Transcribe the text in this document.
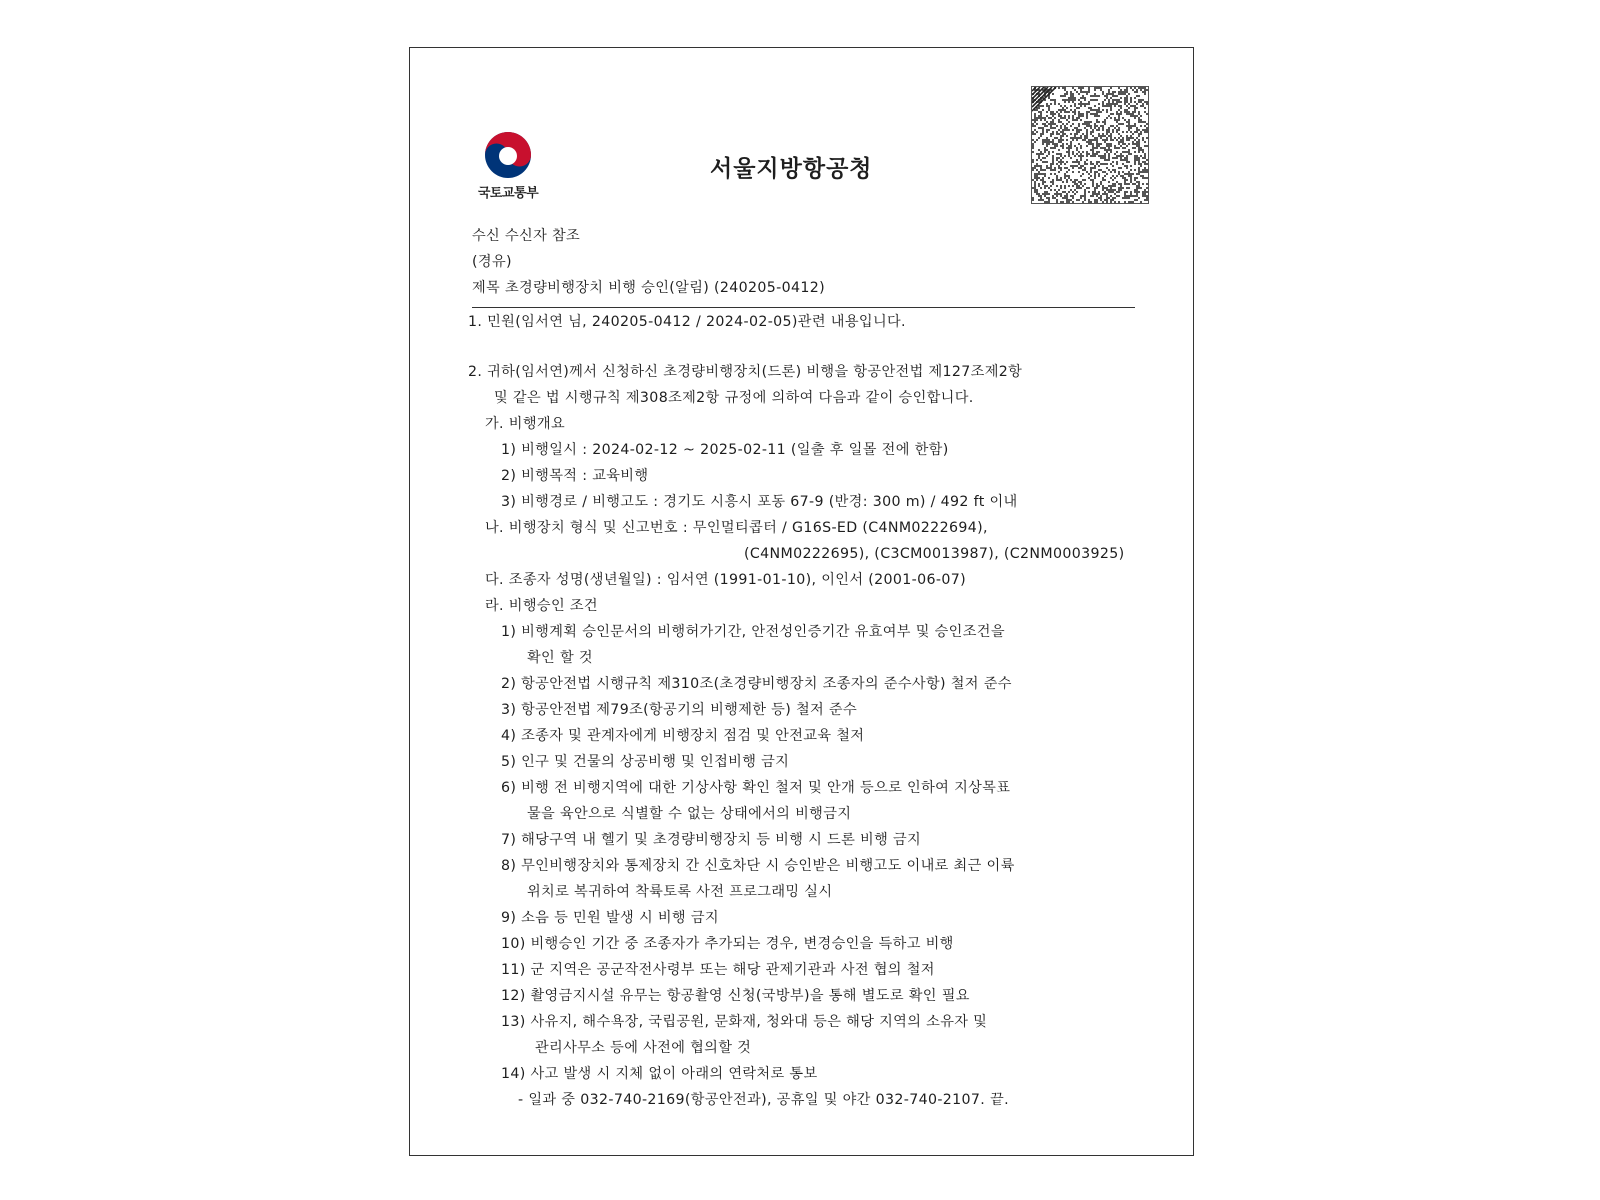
국토교통부
서울지방항공청
수신 수신자 참조
(경유)
제목 초경량비행장치 비행 승인(알림) (240205-0412)
1. 민원(임서연 님, 240205-0412 / 2024-02-05)관련 내용입니다.
2. 귀하(임서연)께서 신청하신 초경량비행장치(드론) 비행을 항공안전법 제127조제2항
및 같은 법 시행규칙 제308조제2항 규정에 의하여 다음과 같이 승인합니다.
가. 비행개요
1) 비행일시 : 2024-02-12 ~ 2025-02-11 (일출 후 일몰 전에 한함)
2) 비행목적 : 교육비행
3) 비행경로 / 비행고도 : 경기도 시흥시 포동 67-9 (반경: 300 m) / 492 ft 이내
나. 비행장치 형식 및 신고번호 : 무인멀티콥터 / G16S-ED (C4NM0222694),
(C4NM0222695), (C3CM0013987), (C2NM0003925)
다. 조종자 성명(생년월일) : 임서연 (1991-01-10), 이인서 (2001-06-07)
라. 비행승인 조건
1) 비행계획 승인문서의 비행허가기간, 안전성인증기간 유효여부 및 승인조건을
확인 할 것
2) 항공안전법 시행규칙 제310조(초경량비행장치 조종자의 준수사항) 철저 준수
3) 항공안전법 제79조(항공기의 비행제한 등) 철저 준수
4) 조종자 및 관계자에게 비행장치 점검 및 안전교육 철저
5) 인구 및 건물의 상공비행 및 인접비행 금지
6) 비행 전 비행지역에 대한 기상사항 확인 철저 및 안개 등으로 인하여 지상목표
물을 육안으로 식별할 수 없는 상태에서의 비행금지
7) 해당구역 내 헬기 및 초경량비행장치 등 비행 시 드론 비행 금지
8) 무인비행장치와 통제장치 간 신호차단 시 승인받은 비행고도 이내로 최근 이륙
위치로 복귀하여 착륙토록 사전 프로그래밍 실시
9) 소음 등 민원 발생 시 비행 금지
10) 비행승인 기간 중 조종자가 추가되는 경우, 변경승인을 득하고 비행
11) 군 지역은 공군작전사령부 또는 해당 관제기관과 사전 협의 철저
12) 촬영금지시설 유무는 항공촬영 신청(국방부)을 통해 별도로 확인 필요
13) 사유지, 해수욕장, 국립공원, 문화재, 청와대 등은 해당 지역의 소유자 및
관리사무소 등에 사전에 협의할 것
14) 사고 발생 시 지체 없이 아래의 연락처로 통보
- 일과 중 032-740-2169(항공안전과), 공휴일 및 야간 032-740-2107. 끝.
